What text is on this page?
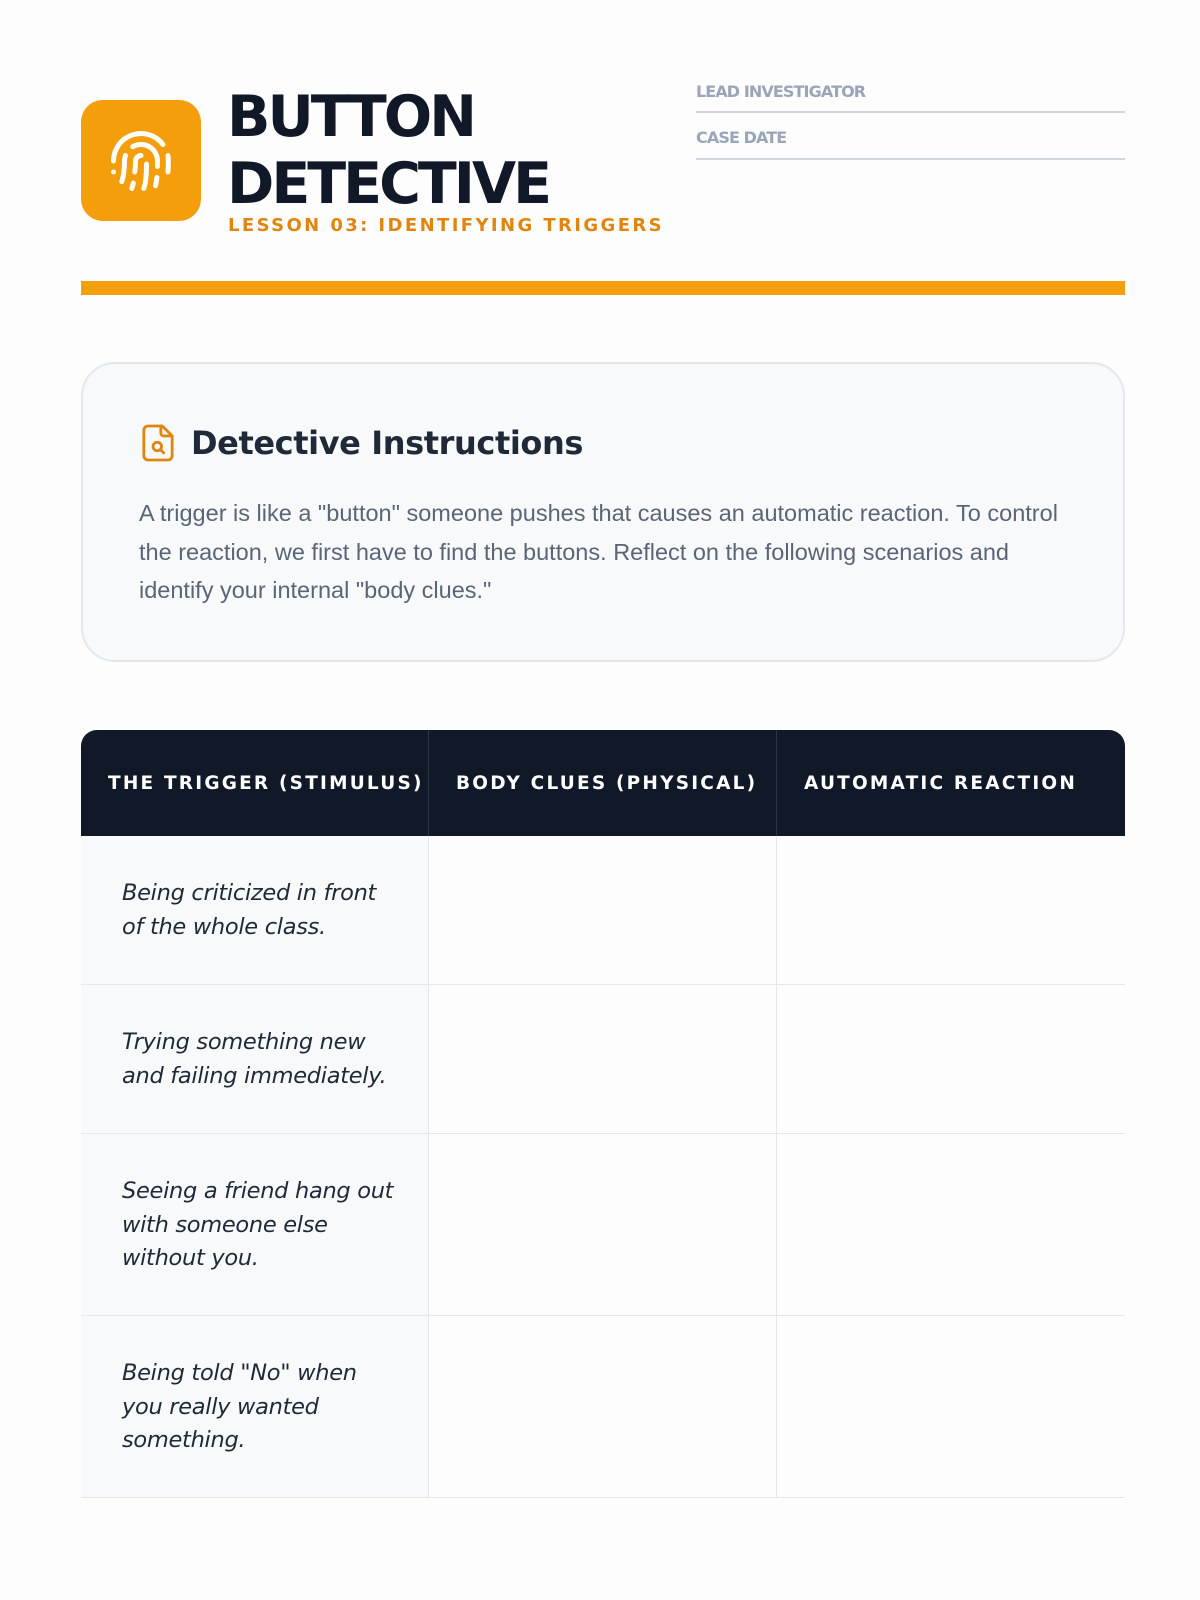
BUTTON
DETECTIVE
LESSON 03: IDENTIFYING TRIGGERS
LEAD INVESTIGATOR
CASE DATE
Detective Instructions

A trigger is like a "button" someone pushes that causes an automatic reaction. To control the reaction, we first have to find the buttons. Reflect on the following scenarios and identify your internal "body clues."

THE TRIGGER (STIMULUS)	BODY CLUES (PHYSICAL)	AUTOMATIC REACTION
Being criticized in front of the whole class.		
Trying something new and failing immediately.		
Seeing a friend hang out with someone else without you.		
Being told "No" when you really wanted something.		
